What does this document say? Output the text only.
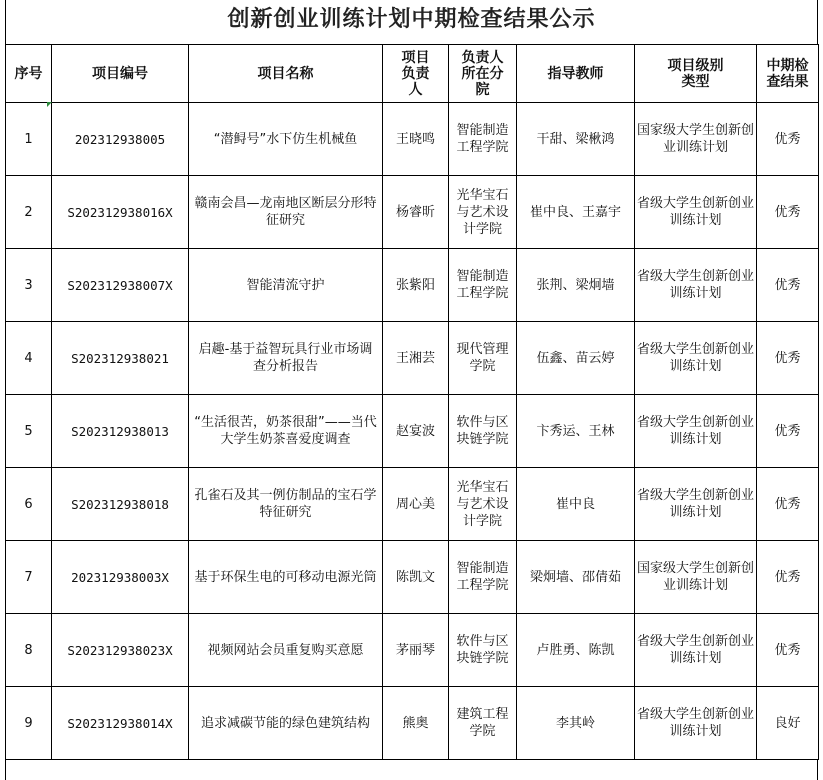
创新创业训练计划中期检查结果公示
序号	项目编号	项目名称	项目负责人	负责人所在分院	指导教师	项目级别类型	中期检查结果
1	202312938005	“潜鲟号”水下仿生机械鱼	王晓鸣	智能制造工程学院	干甜、梁楸鸿	国家级大学生创新创业训练计划	优秀
2	S202312938016X	赣南会昌—龙南地区断层分形特征研究	杨睿昕	光华宝石与艺术设计学院	崔中良、王嘉宇	省级大学生创新创业训练计划	优秀
3	S202312938007X	智能清流守护	张紫阳	智能制造工程学院	张荆、梁炯墙	省级大学生创新创业训练计划	优秀
4	S202312938021	启趣-基于益智玩具行业市场调查分析报告	王湘芸	现代管理学院	伍鑫、苗云婷	省级大学生创新创业训练计划	优秀
5	S202312938013	“生活很苦，奶茶很甜”——当代大学生奶茶喜爱度调查	赵宴波	软件与区块链学院	卞秀运、王林	省级大学生创新创业训练计划	优秀
6	S202312938018	孔雀石及其一例仿制品的宝石学特征研究	周心美	光华宝石与艺术设计学院	崔中良	省级大学生创新创业训练计划	优秀
7	202312938003X	基于环保生电的可移动电源光筒	陈凯文	智能制造工程学院	梁炯墙、邵倩茹	国家级大学生创新创业训练计划	优秀
8	S202312938023X	视频网站会员重复购买意愿	茅丽琴	软件与区块链学院	卢胜勇、陈凯	省级大学生创新创业训练计划	优秀
9	S202312938014X	追求减碳节能的绿色建筑结构	熊奥	建筑工程学院	李其岭	省级大学生创新创业训练计划	良好
